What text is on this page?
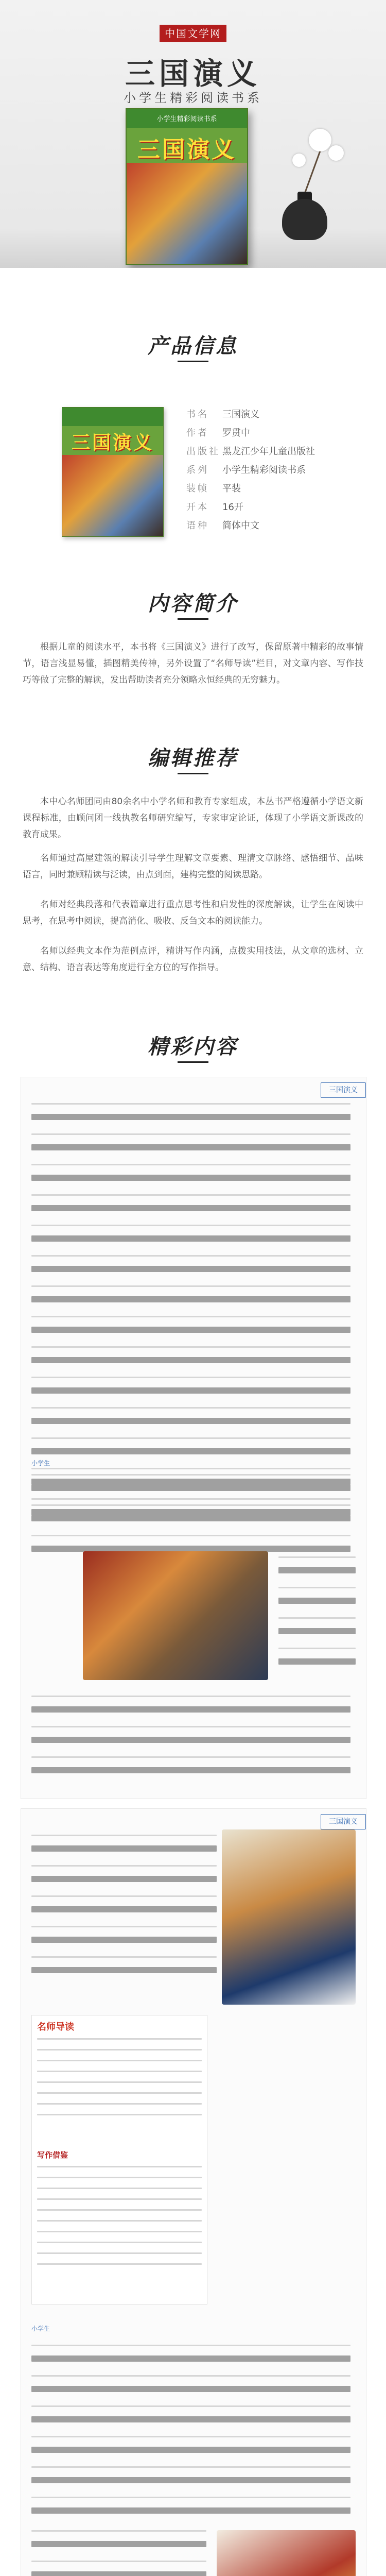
中国文学网
三国演义
小学生精彩阅读书系
小学生精彩阅读书系
三国演义
产品信息
三国演义
书名 三国演义
作者 罗贯中
出版社 黑龙江少年儿童出版社
系列 小学生精彩阅读书系
装帧 平装
开本 16开
语种 简体中文
内容简介
根据儿童的阅读水平，本书将《三国演义》进行了改写，保留原著中精彩的故事情节，语言浅显易懂，插图精美传神，另外设置了“名师导读”栏目，对文章内容、写作技巧等做了完整的解读，发出帮助读者充分领略永恒经典的无穷魅力。
编辑推荐
本中心名师团同由80余名中小学名师和教育专家组成，本丛书严格遵循小学语文新课程标准，由顾问团一线执教名师研究编写，专家审定论证，体现了小学语文新课改的教育成果。
名师通过高屋建瓴的解读引导学生理解文章要素、理清文章脉络、感悟细节、品味语言，同时兼顾精读与泛读，由点到面，建构完整的阅读思路。
名师对经典段落和代表篇章进行重点思考性和启发性的深度解读，让学生在阅读中思考，在思考中阅读，提高消化、吸收、反刍文本的阅读能力。
名师以经典文本作为范例点评，精讲写作内涵，点拨实用技法，从文章的选材、立意、结构、语言表达等角度进行全方位的写作指导。
精彩内容
三国演义
小学生
三国演义
名师导读
写作借鉴
小学生
